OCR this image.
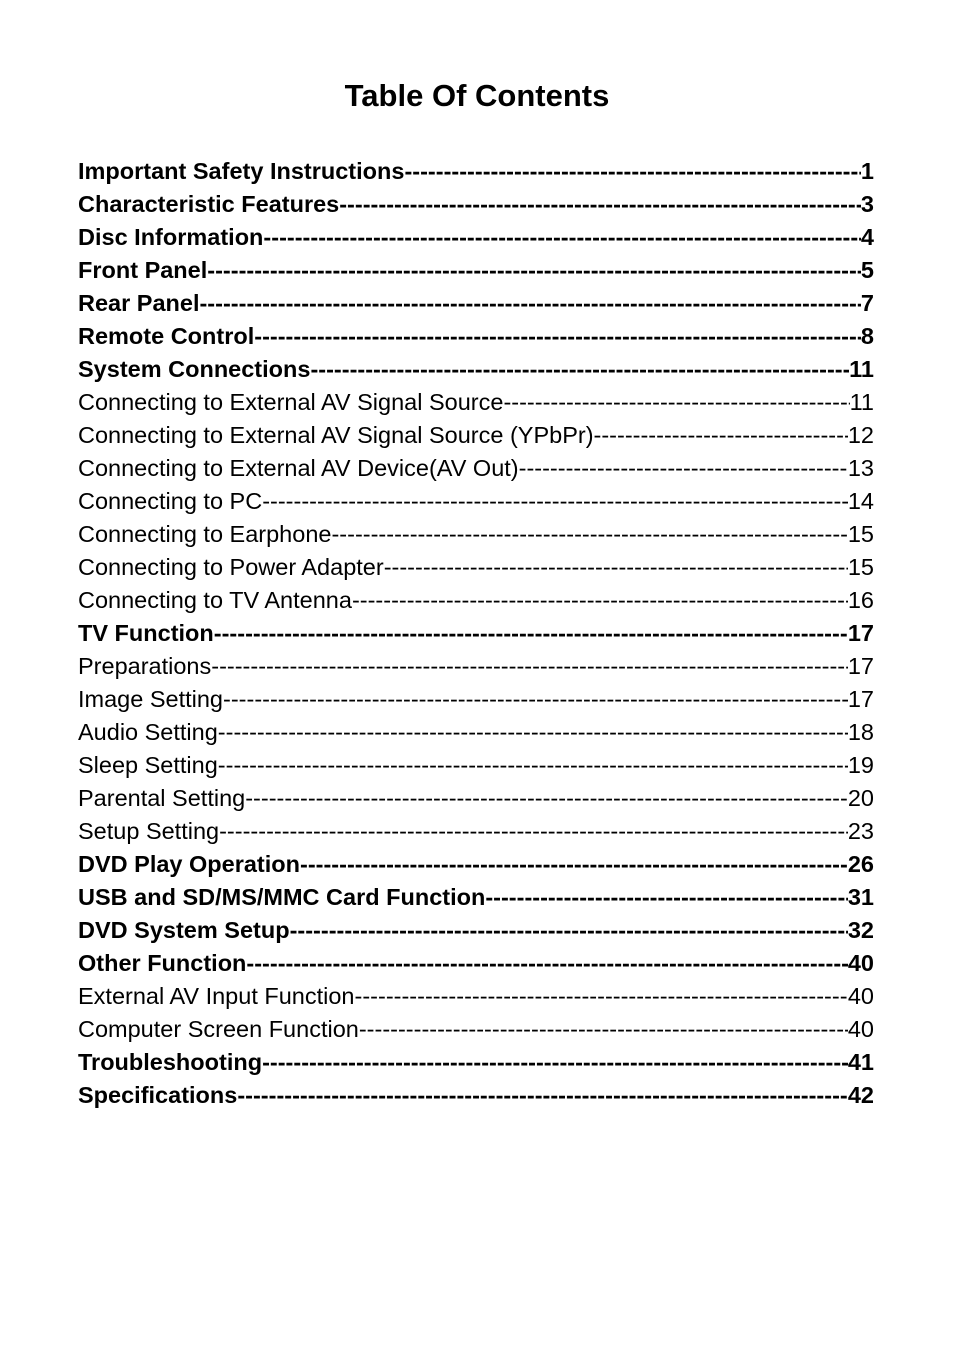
Table Of Contents
Important Safety Instructions -----	1
Characteristic Features -----	3
Disc Information -----	4
Front Panel -----	5
Rear Panel -----	7
Remote Control -----	8
System Connections -----	11
Connecting to External AV Signal Source -----	11
Connecting to External AV Signal Source (YPbPr) -----	12
Connecting to External AV Device(AV Out) -----	13
Connecting to PC -----	14
Connecting to Earphone -----	15
Connecting to Power Adapter -----	15
Connecting to TV Antenna -----	16
TV Function -----	17
Preparations -----	17
Image Setting -----	17
Audio Setting -----	18
Sleep Setting -----	19
Parental Setting -----	20
Setup Setting -----	23
DVD Play Operation -----	26
USB and SD/MS/MMC Card Function -----	31
DVD System Setup -----	32
Other Function -----	40
External AV Input Function -----	40
Computer Screen Function -----	40
Troubleshooting -----	41
Specifications -----	42
